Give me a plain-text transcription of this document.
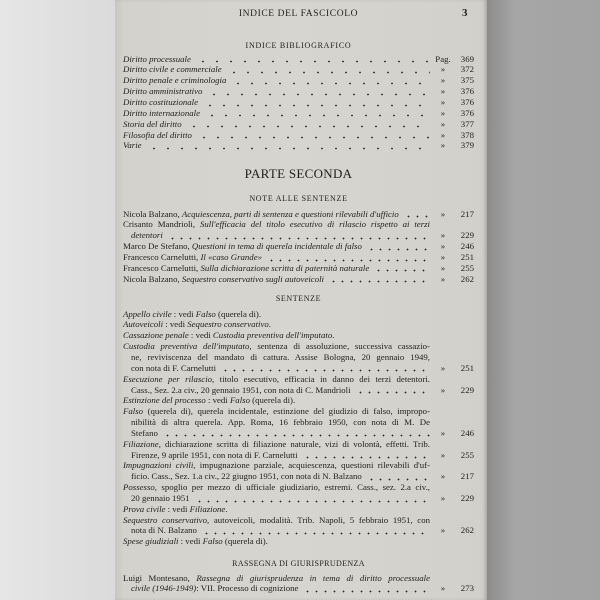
INDICE DEL FASCICOLO	3
INDICE BIBLIOGRAFICO
Diritto processuale	Pag.	369
Diritto civile e commerciale	»	372
Diritto penale e criminologia	»	375
Diritto amministrativo	»	376
Diritto costituzionale	»	376
Diritto internazionale	»	376
Storia del diritto	»	377
Filosofia del diritto	»	378
Varie	»	379
PARTE SECONDA
NOTE ALLE SENTENZE
Nicola Balzano, Acquiescenza, parti di sentenza e questioni rilevabili d'ufficio	»	217
Crisanto Mandrioli, Sull'efficacia del titolo esecutivo di rilascio rispetto ai terzi
detentori	»	229
Marco De Stefano, Questioni in tema di querela incidentale di falso	»	246
Francesco Carnelutti, Il «caso Grande»	»	251
Francesco Carnelutti, Sulla dichiarazione scritta di paternità naturale	»	255
Nicola Balzano, Sequestro conservativo sugli autoveicoli	»	262
SENTENZE
Appello civile : vedi Falso (querela di).
Autoveicoli : vedi Sequestro conservativo.
Cassazione penale : vedi Custodia preventiva dell'imputato.
Custodia preventiva dell'imputato, sentenza di assoluzione, successiva cassazio-
ne, reviviscenza del mandato di cattura. Assise Bologna, 20 gennaio 1949,
con nota di F. Carnelutti	»	251
Esecuzione per rilascio, titolo esecutivo, efficacia in danno dei terzi detentori.
Cass., Sez. 2.a civ., 20 gennaio 1951, con nota di C. Mandrioli	»	229
Estinzione del processo : vedi Falso (querela di).
Falso (querela di), querela incidentale, estinzione del giudizio di falso, impropo-
nibilità di altra querela. App. Roma, 16 febbraio 1950, con nota di M. De
Stefano	»	246
Filiazione, dichiarazione scritta di filiazione naturale, vizi di volontà, effetti. Trib.
Firenze, 9 aprile 1951, con nota di F. Carnelutti	»	255
Impugnazioni civili, impugnazione parziale, acquiescenza, questioni rilevabili d'uf-
ficio. Cass., Sez. 1.a civ., 22 giugno 1951, con nota di N. Balzano	»	217
Possesso, spoglio per mezzo di ufficiale giudiziario, estremi. Cass., sez. 2.a civ.,
20 gennaio 1951	»	229
Prova civile : vedi Filiazione.
Sequestro conservativo, autoveicoli, modalità. Trib. Napoli, 5 febbraio 1951, con
nota di N. Balzano	»	262
Spese giudiziali : vedi Falso (querela di).
RASSEGNA DI GIURISPRUDENZA
Luigi Montesano, Rassegna di giurisprudenza in tema di diritto processuale
civile (1946-1949): VII. Processo di cognizione	»	273
